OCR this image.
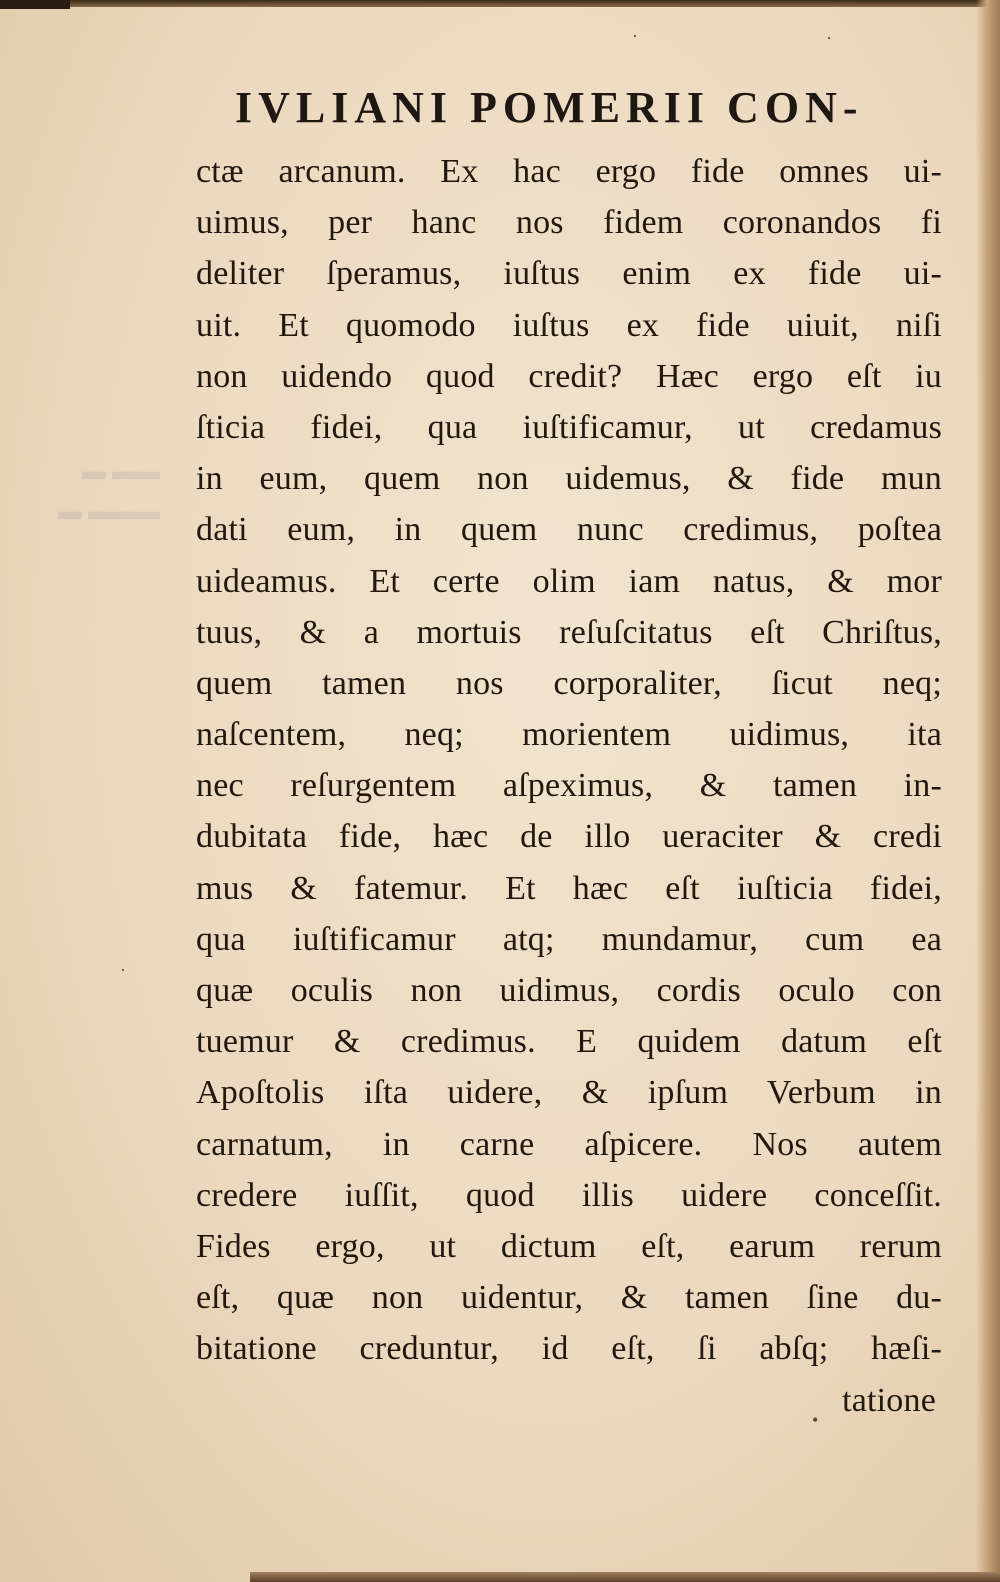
▬▬ ▬
▬▬▬ ▬
·	·
·
•
IVLIANI POMERII CON-
ctæ arcanum. Ex hac ergo fide omnes ui-
uimus, per hanc nos fidem coronandos fi
deliter ſperamus, iuſtus enim ex fide ui-
uit. Et quomodo iuſtus ex fide uiuit, niſi
non uidendo quod credit? Hæc ergo eſt iu
ſticia fidei, qua iuſtificamur, ut credamus
in eum, quem non uidemus, & fide mun
dati eum, in quem nunc credimus, poſtea
uideamus. Et certe olim iam natus, & mor
tuus, & a mortuis reſuſcitatus eſt Chriſtus,
quem tamen nos corporaliter, ſicut neq;
naſcentem, neq; morientem uidimus, ita
nec reſurgentem aſpeximus, & tamen in-
dubitata fide, hæc de illo ueraciter & credi
mus & fatemur. Et hæc eſt iuſticia fidei,
qua iuſtificamur atq; mundamur, cum ea
quæ oculis non uidimus, cordis oculo con
tuemur & credimus. E quidem datum eſt
Apoſtolis iſta uidere, & ipſum Verbum in
carnatum, in carne aſpicere. Nos autem
credere iuſſit, quod illis uidere conceſſit.
Fides ergo, ut dictum eſt, earum rerum
eſt, quæ non uidentur, & tamen ſine du-
bitatione creduntur, id eſt, ſi abſq; hæſi-
tatione
